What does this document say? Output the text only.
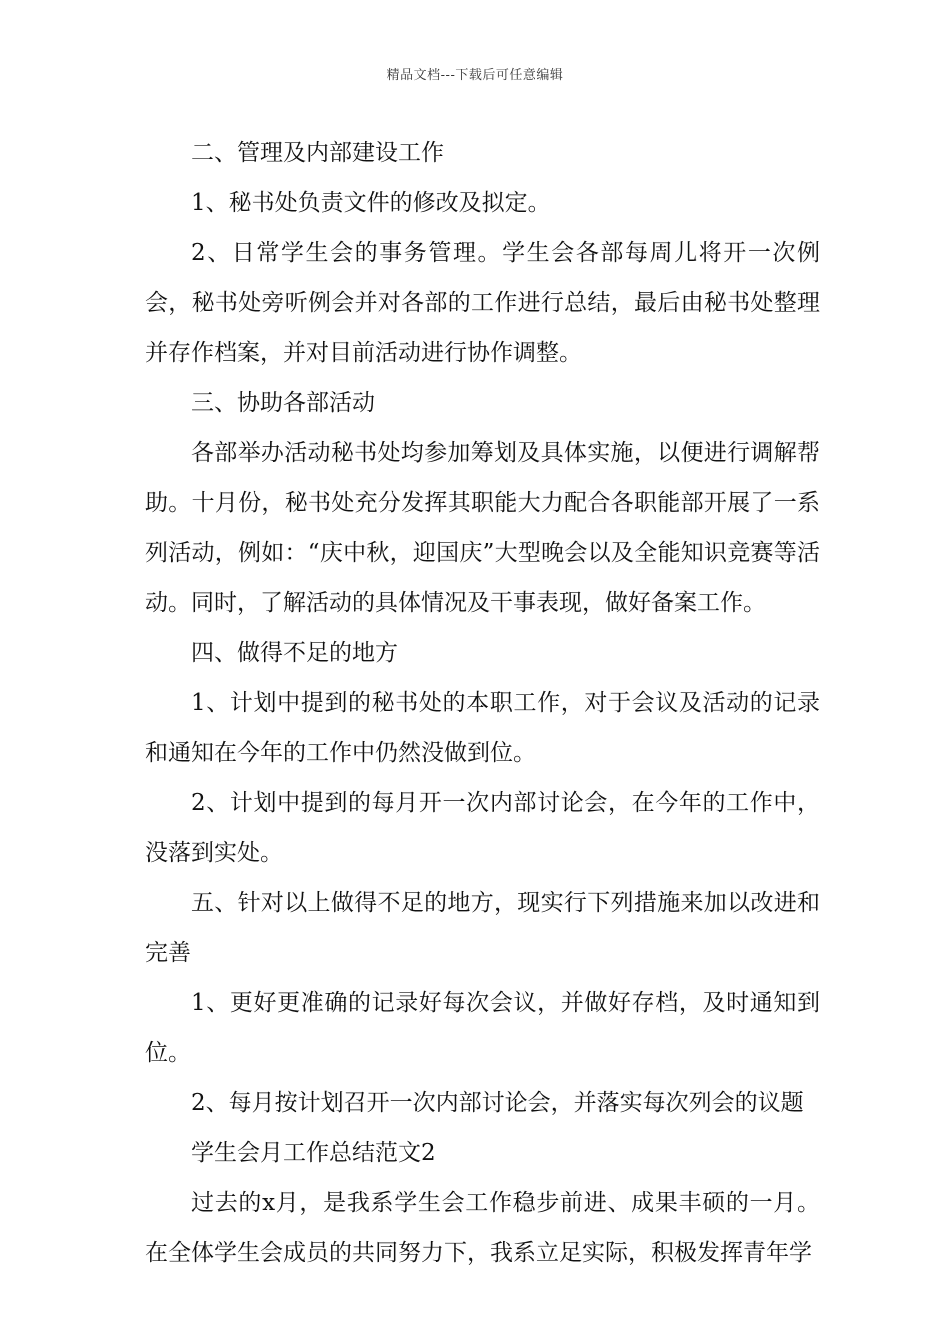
精品文档---下载后可任意编辑

二、管理及内部建设工作

1、秘书处负责文件的修改及拟定。

2、日常学生会的事务管理。学生会各部每周儿将开一次例会，秘书处旁听例会并对各部的工作进行总结，最后由秘书处整理并存作档案，并对目前活动进行协作调整。

三、协助各部活动

各部举办活动秘书处均参加筹划及具体实施，以便进行调解帮助。十月份，秘书处充分发挥其职能大力配合各职能部开展了一系列活动，例如：“庆中秋，迎国庆”大型晚会以及全能知识竞赛等活动。同时，了解活动的具体情况及干事表现，做好备案工作。

四、做得不足的地方

1、计划中提到的秘书处的本职工作，对于会议及活动的记录和通知在今年的工作中仍然没做到位。

2、计划中提到的每月开一次内部讨论会，在今年的工作中，没落到实处。

五、针对以上做得不足的地方，现实行下列措施来加以改进和完善

1、更好更准确的记录好每次会议，并做好存档，及时通知到位。

2、每月按计划召开一次内部讨论会，并落实每次列会的议题

学生会月工作总结范文2

过去的x月，是我系学生会工作稳步前进、成果丰硕的一月。在全体学生会成员的共同努力下，我系立足实际，积极发挥青年学
